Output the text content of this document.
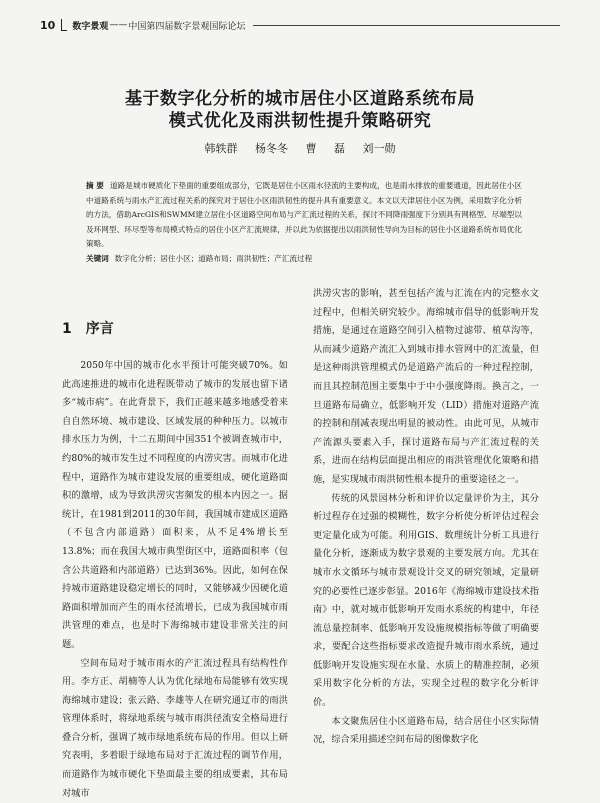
10 数字景观 —— 中国第四届数字景观国际论坛
基于数字化分析的城市居住小区道路系统布局
模式优化及雨洪韧性提升策略研究
韩轶群 杨冬冬 曹 磊 刘一勋
摘 要 道路是城市硬质化下垫面的重要组成部分，它既是居住小区雨水径流的主要构成，也是雨水排放的重要通道，因此居住小区中道路系统与雨水产汇流过程关系的探究对于居住小区雨洪韧性的提升具有重要意义。本文以天津居住小区为例，采用数字化分析的方法，借助ArcGIS和SWMM建立居住小区道路空间布局与产汇流过程的关系，探讨不同降雨强度下分别具有网格型、尽端型以及环网型、环尽型等布局模式特点的居住小区产汇流规律，并以此为依据提出以雨洪韧性导向为目标的居住小区道路系统布局优化策略。
关键词 数字化分析；居住小区；道路布局；雨洪韧性；产汇流过程
1 序言

2050年中国的城市化水平预计可能突破70%。如此高速推进的城市化进程既带动了城市的发展也留下诸多“城市病”。在此背景下，我们正越来越多地感受着来自自然环境、城市建设、区域发展的种种压力。以城市排水压力为例，十二五期间中国351个被调查城市中，约80%的城市发生过不同程度的内涝灾害。而城市化进程中，道路作为城市建设发展的重要组成，硬化道路面积的激增，成为导致洪涝灾害频发的根本内因之一。据统计，在1981到2011的30年间，我国城市建成区道路（不包含内部道路）面积来，从不足4%增长至13.8%；而在我国大城市典型街区中，道路面积率（包含公共道路和内部道路）已达到36%。因此，如何在保持城市道路建设稳定增长的同时，又能够减少因硬化道路面积增加而产生的雨水径流增长，已成为我国城市雨洪管理的难点，也是时下海绵城市建设非常关注的问题。

空间布局对于城市雨水的产汇流过程具有结构性作用。李方正、胡楠等人认为优化绿地布局能够有效实现海绵城市建设；张云路、李雄等人在研究通辽市的雨洪管理体系时，将绿地系统与城市雨洪径流安全格局进行叠合分析，强调了城市绿地系统布局的作用。但以上研究表明，多着眼于绿地布局对于汇流过程的调节作用，而道路作为城市硬化下垫面最主要的组成要素，其布局对城市

洪涝灾害的影响，甚至包括产流与汇流在内的完整水文过程中，但相关研究较少。海绵城市倡导的低影响开发措施，是通过在道路空间引入植物过滤带、植草沟等，从而减少道路产流汇入到城市排水管网中的汇流量，但是这种雨洪管理模式仍是道路产流后的一种过程控制，而且其控制范围主要集中于中小强度降雨。换言之，一旦道路布局确立，低影响开发（LID）措施对道路产流的控制和削减表现出明显的被动性。由此可见，从城市产流源头要素入手，探讨道路布局与产汇流过程的关系，进而在结构层面提出相应的雨洪管理优化策略和措施，是实现城市雨洪韧性根本提升的重要途径之一。

传统的风景园林分析和评价以定量评价为主，其分析过程存在过强的模糊性，数字分析使分析评估过程会更定量化成为可能。利用GIS、数理统计分析工具进行量化分析，逐渐成为数字景观的主要发展方向。尤其在城市水文循环与城市景观设计交叉的研究领域，定量研究的必要性已逐步彰显。2016年《海绵城市建设技术指南》中，就对城市低影响开发雨水系统的构建中，年径流总量控制率、低影响开发设施规模指标等做了明确要求，要配合这些指标要求改造提升城市雨水系统，通过低影响开发设施实现在水量、水质上的精准控制，必须采用数字化分析的方法，实现全过程的数字化分析评价。

本文聚焦居住小区道路布局，结合居住小区实际情况，综合采用描述空间布局的图像数字化
